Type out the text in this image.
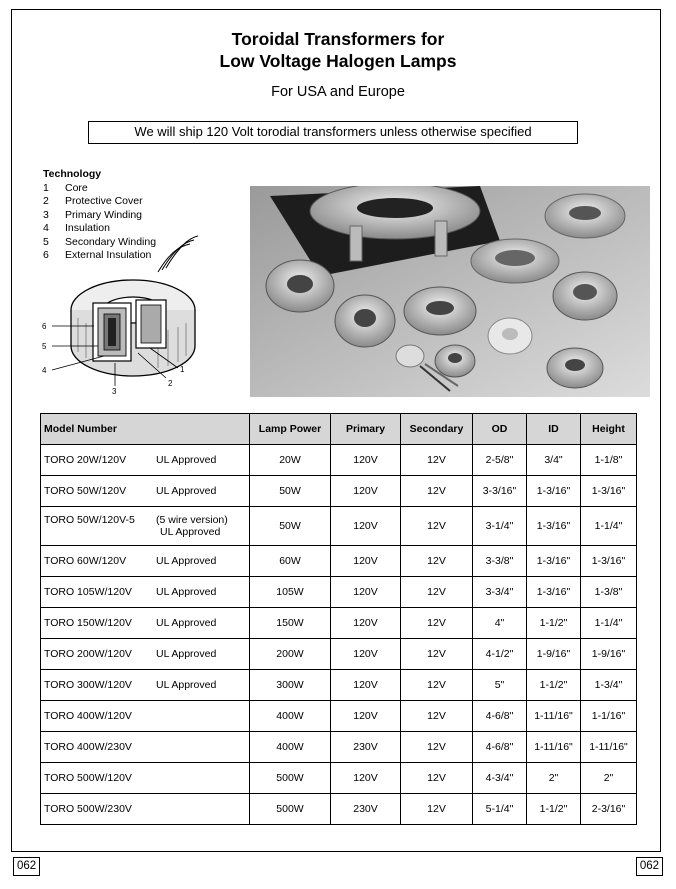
Toroidal Transformers for
Low Voltage Halogen Lamps
For USA and Europe
We will ship 120 Volt torodial transformers unless otherwise specified
Technology
1 Core
2 Protective Cover
3 Primary Winding
4 Insulation
5 Secondary Winding
6 External Insulation
6
5
4
3
2
1
Model Number	Lamp Power	Primary	Secondary	OD	ID	Height
TORO 20W/120V UL Approved	20W	120V	12V	2-5/8"	3/4"	1-1/8"
TORO 50W/120V UL Approved	50W	120V	12V	3-3/16"	1-3/16"	1-3/16"
TORO 50W/120V-5 (5 wire version)
UL Approved	50W	120V	12V	3-1/4"	1-3/16"	1-1/4"
TORO 60W/120V UL Approved	60W	120V	12V	3-3/8"	1-3/16"	1-3/16"
TORO 105W/120V UL Approved	105W	120V	12V	3-3/4"	1-3/16"	1-3/8"
TORO 150W/120V UL Approved	150W	120V	12V	4"	1-1/2"	1-1/4"
TORO 200W/120V UL Approved	200W	120V	12V	4-1/2"	1-9/16"	1-9/16"
TORO 300W/120V UL Approved	300W	120V	12V	5"	1-1/2"	1-3/4"
TORO 400W/120V	400W	120V	12V	4-6/8"	1-11/16"	1-1/16"
TORO 400W/230V	400W	230V	12V	4-6/8"	1-11/16"	1-11/16"
TORO 500W/120V	500W	120V	12V	4-3/4"	2"	2"
TORO 500W/230V	500W	230V	12V	5-1/4"	1-1/2"	2-3/16"
062	062
